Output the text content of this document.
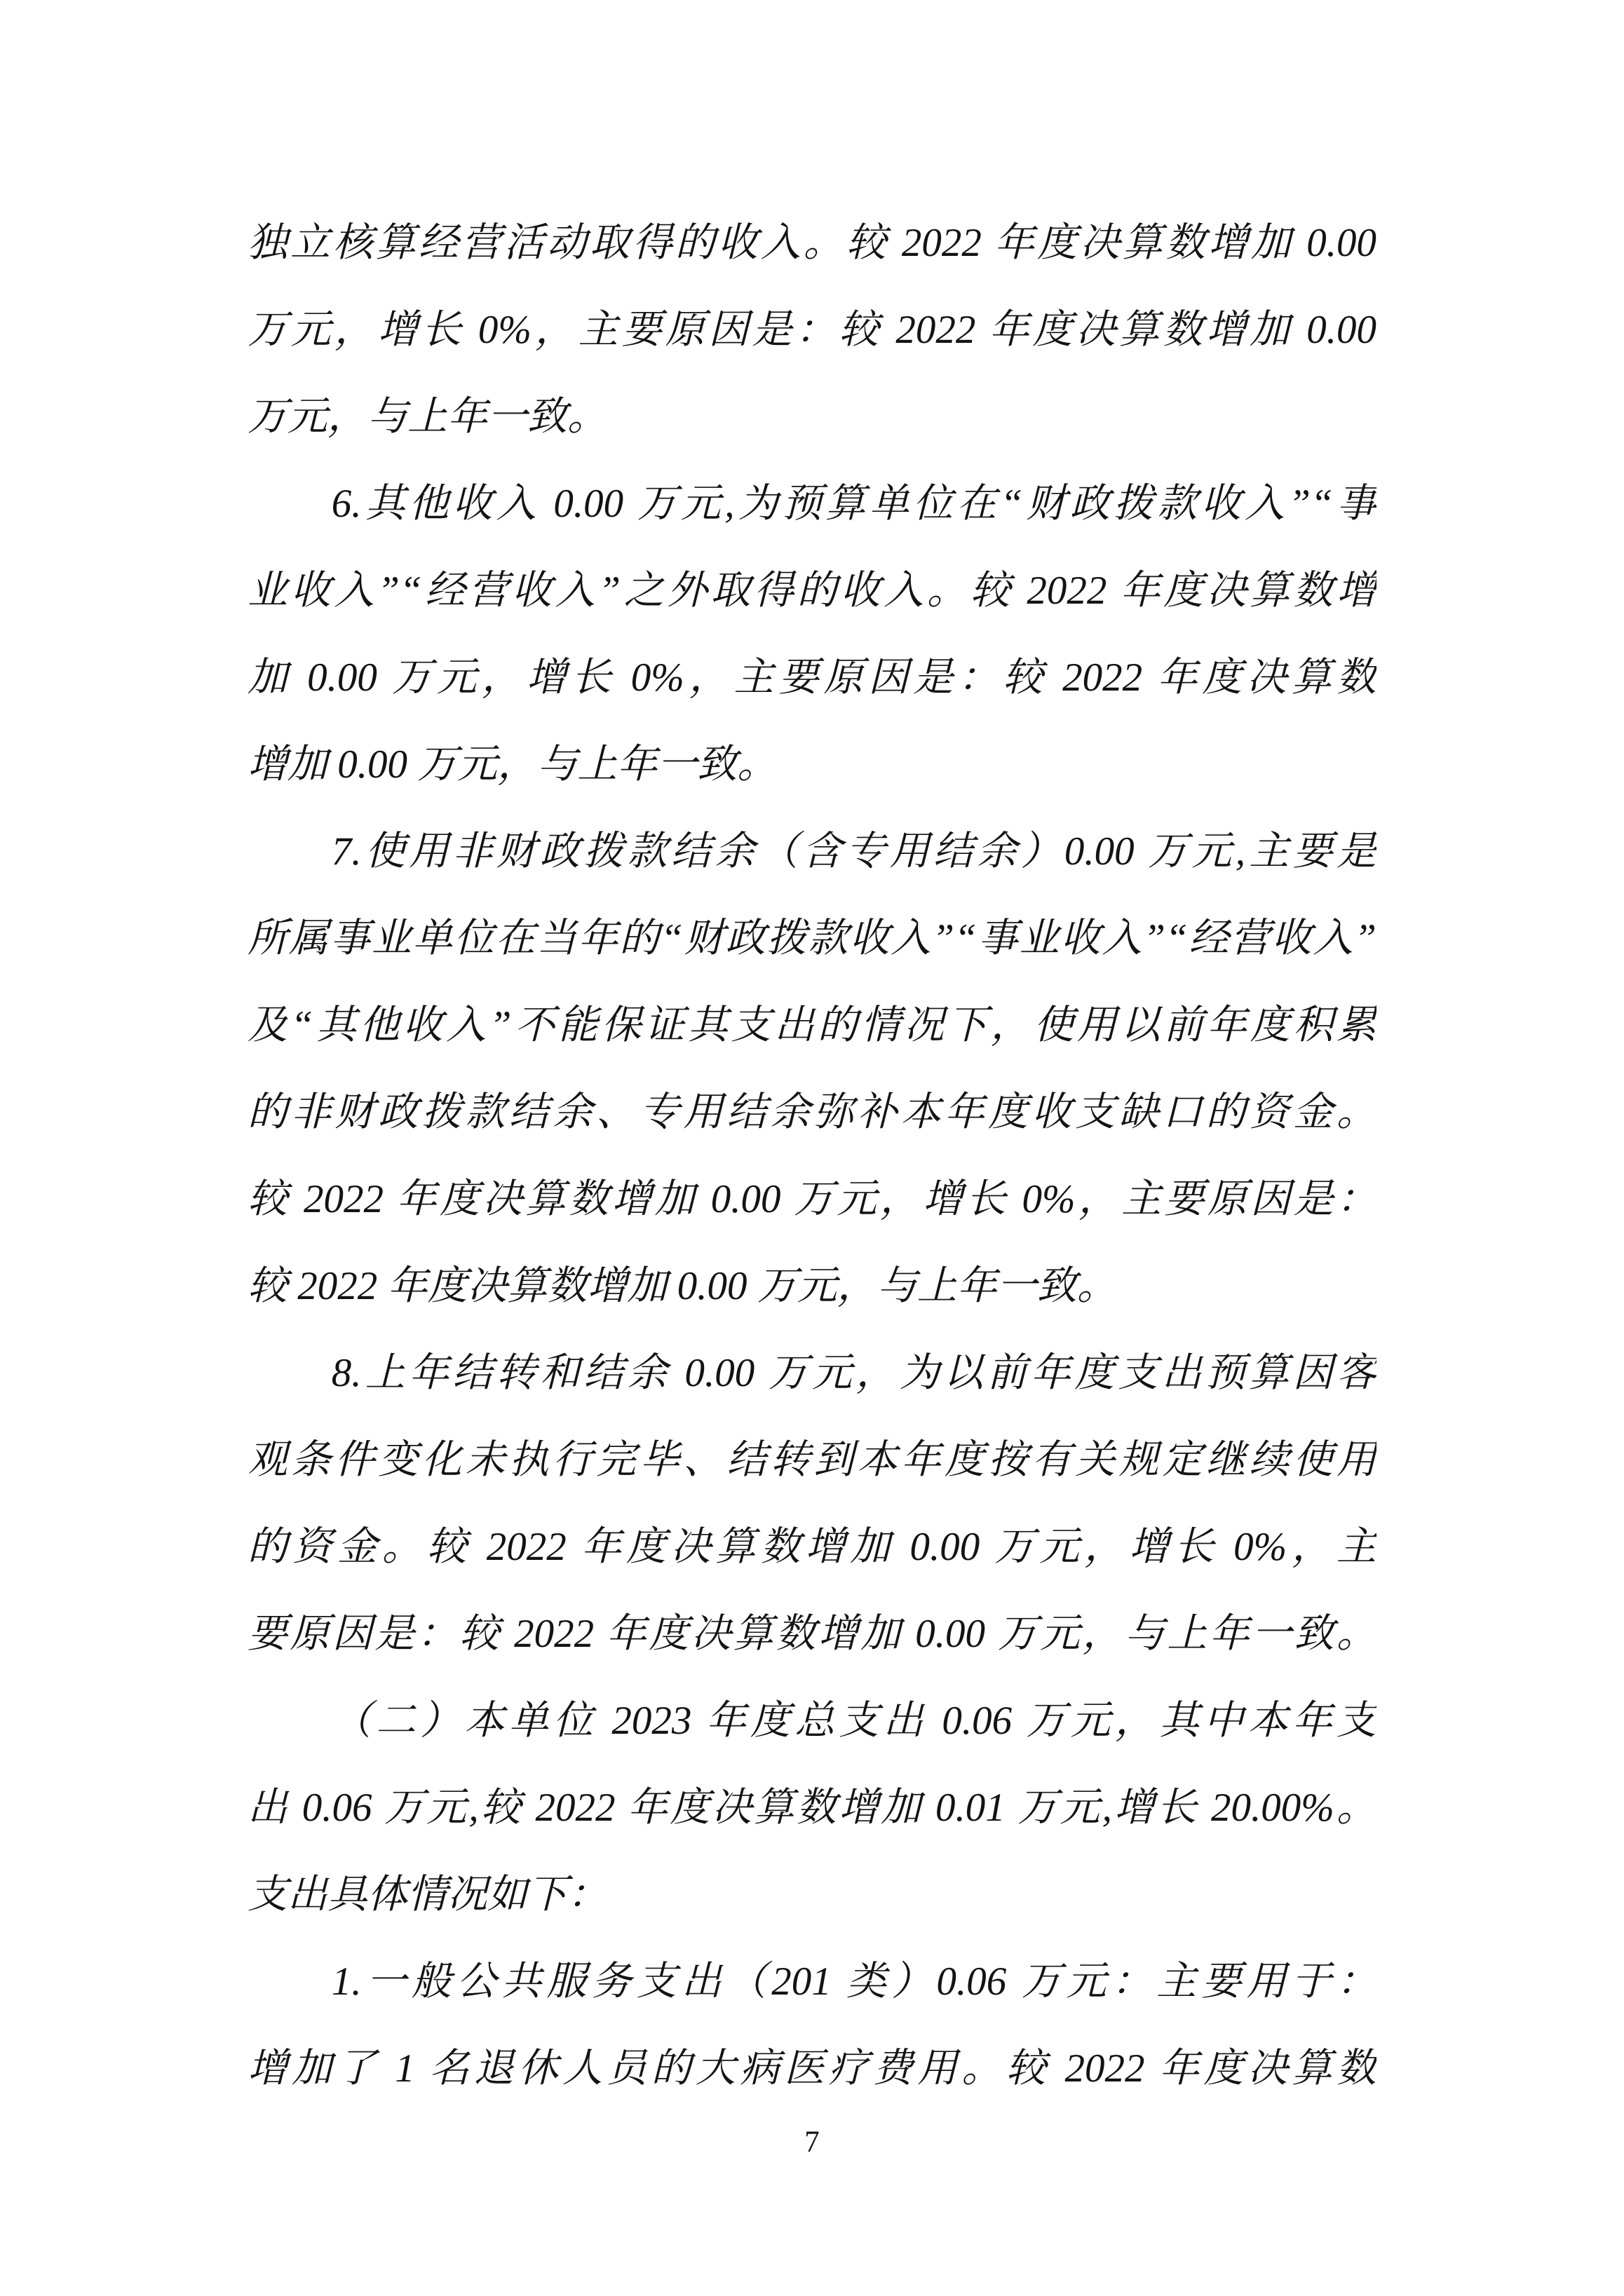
独立核算经营活动取得的收入。较 2022 年度决算数增加 0.00
万元，增长 0%，主要原因是：较 2022 年度决算数增加 0.00
万元，与上年一致。
6.其他收入 0.00 万元,为预算单位在“财政拨款收入”“事
业收入”“经营收入”之外取得的收入。较 2022 年度决算数增
加 0.00 万元，增长 0%，主要原因是：较 2022 年度决算数
增加 0.00 万元，与上年一致。
7.使用非财政拨款结余（含专用结余）0.00 万元,主要是
所属事业单位在当年的“财政拨款收入”“事业收入”“经营收入”
及“其他收入”不能保证其支出的情况下，使用以前年度积累
的非财政拨款结余、专用结余弥补本年度收支缺口的资金。
较 2022 年度决算数增加 0.00 万元，增长 0%，主要原因是：
较 2022 年度决算数增加 0.00 万元，与上年一致。
8.上年结转和结余 0.00 万元，为以前年度支出预算因客
观条件变化未执行完毕、结转到本年度按有关规定继续使用
的资金。较 2022 年度决算数增加 0.00 万元，增长 0%，主
要原因是：较 2022 年度决算数增加 0.00 万元，与上年一致。
（二）本单位 2023 年度总支出 0.06 万元，其中本年支
出 0.06 万元,较 2022 年度决算数增加 0.01 万元,增长 20.00%。
支出具体情况如下：
1.一般公共服务支出（201 类）0.06 万元：主要用于：
增加了 1 名退休人员的大病医疗费用。较 2022 年度决算数
7
